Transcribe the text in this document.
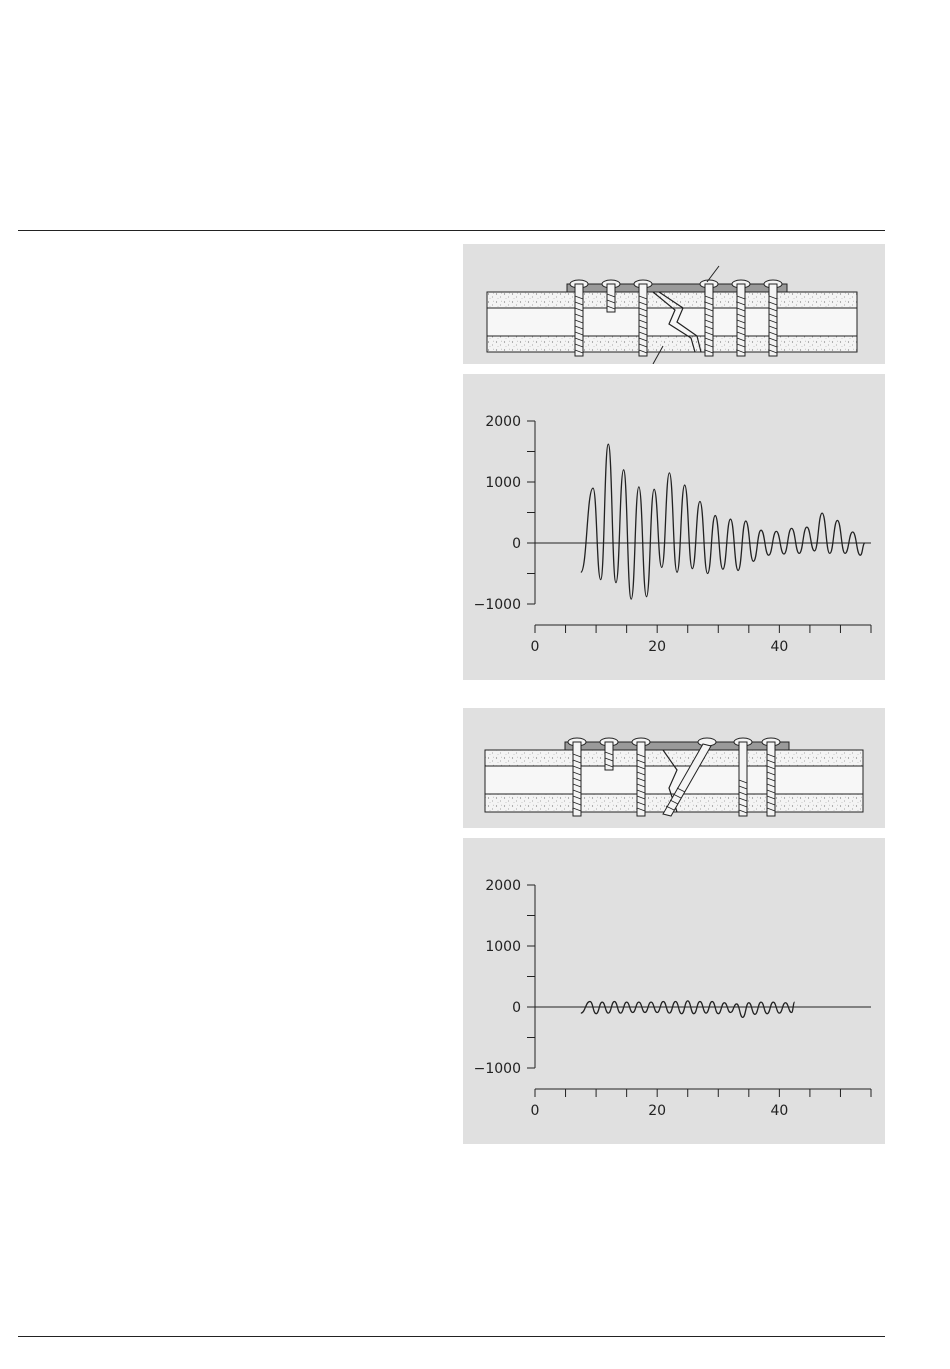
−1000
0
1000
2000
0	20	40
−1000
0
1000
2000
0	20	40
